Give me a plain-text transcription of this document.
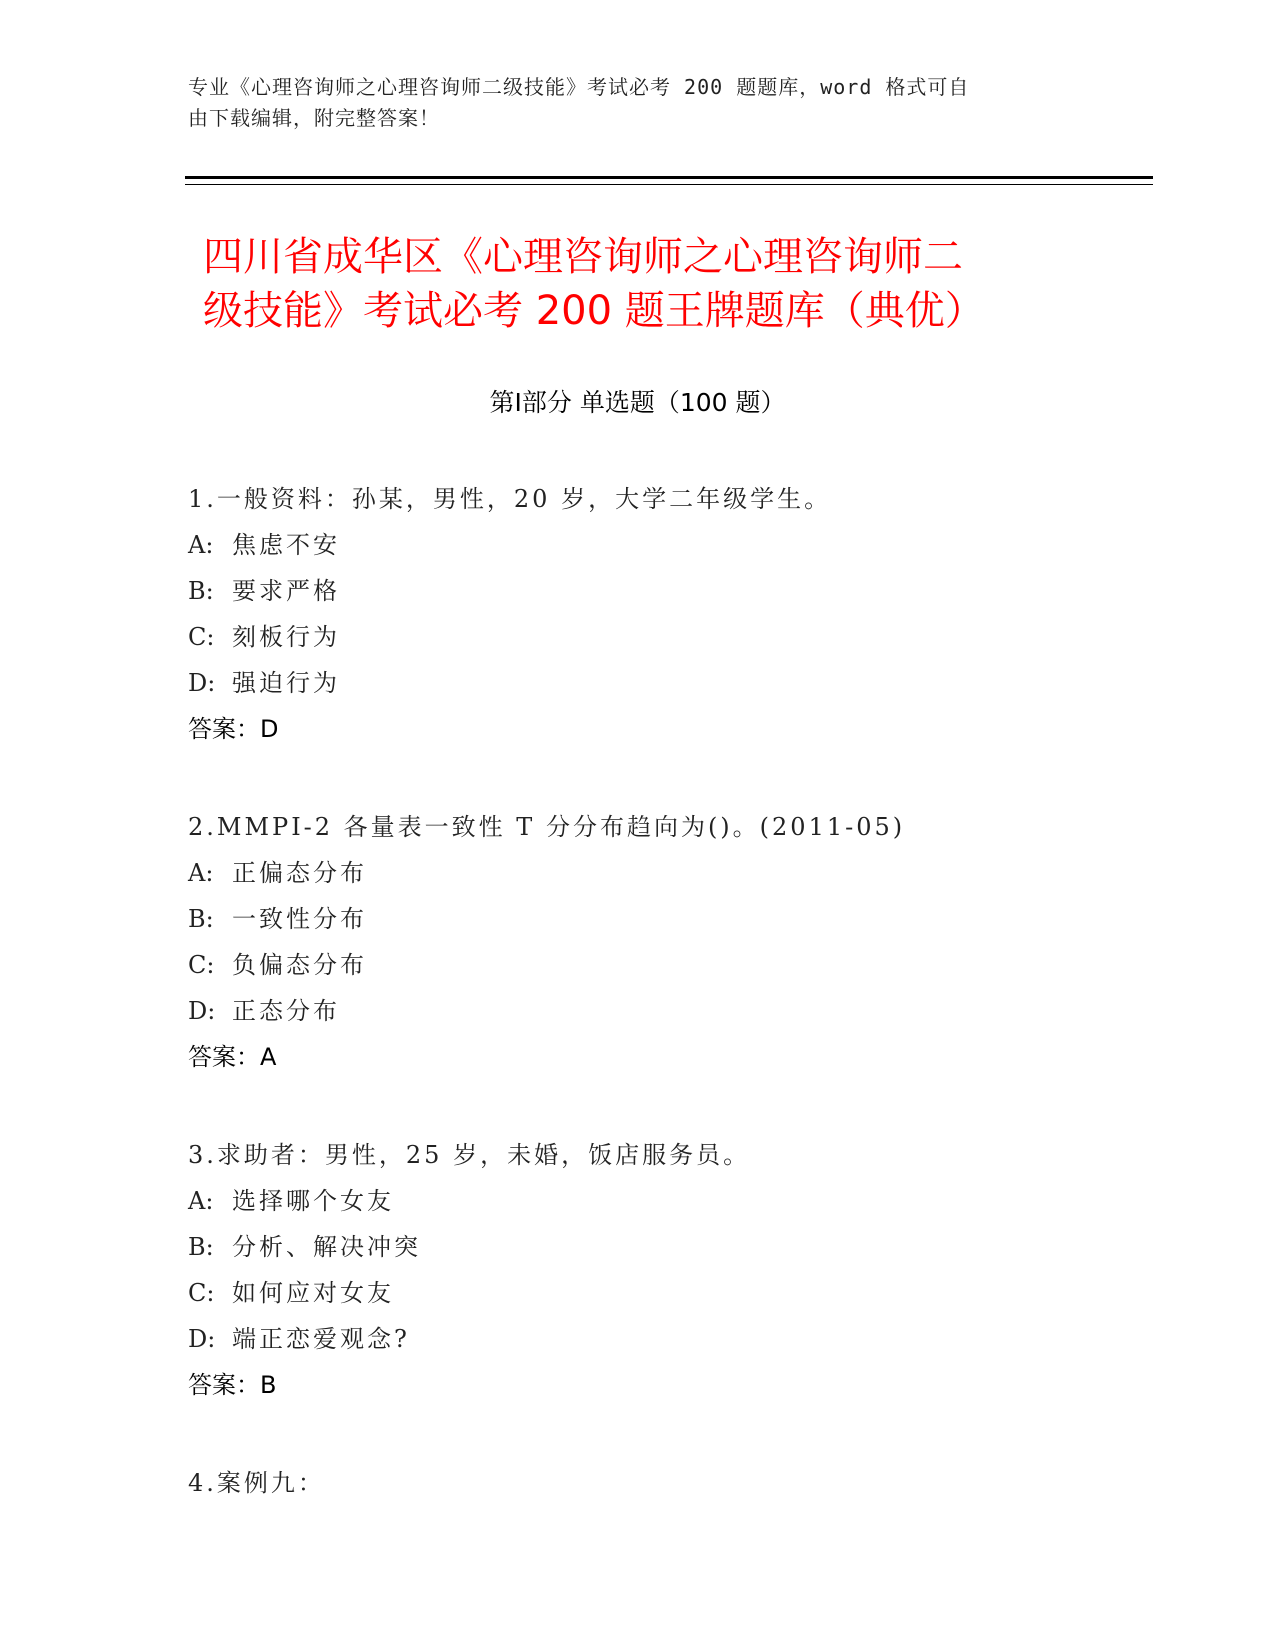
专业《心理咨询师之心理咨询师二级技能》考试必考 200 题题库，word 格式可自
由下载编辑，附完整答案！
四川省成华区《心理咨询师之心理咨询师二
级技能》考试必考 200 题王牌题库（典优）
第Ⅰ部分 单选题（100 题）
1.一般资料：孙某，男性，20 岁，大学二年级学生。
A: 焦虑不安
B: 要求严格
C: 刻板行为
D: 强迫行为
答案：D
2.MMPI-2 各量表一致性 T 分分布趋向为()。(2011-05)
A: 正偏态分布
B: 一致性分布
C: 负偏态分布
D: 正态分布
答案：A
3.求助者：男性，25 岁，未婚，饭店服务员。
A: 选择哪个女友
B: 分析、解决冲突
C: 如何应对女友
D: 端正恋爱观念?
答案：B
4.案例九：
